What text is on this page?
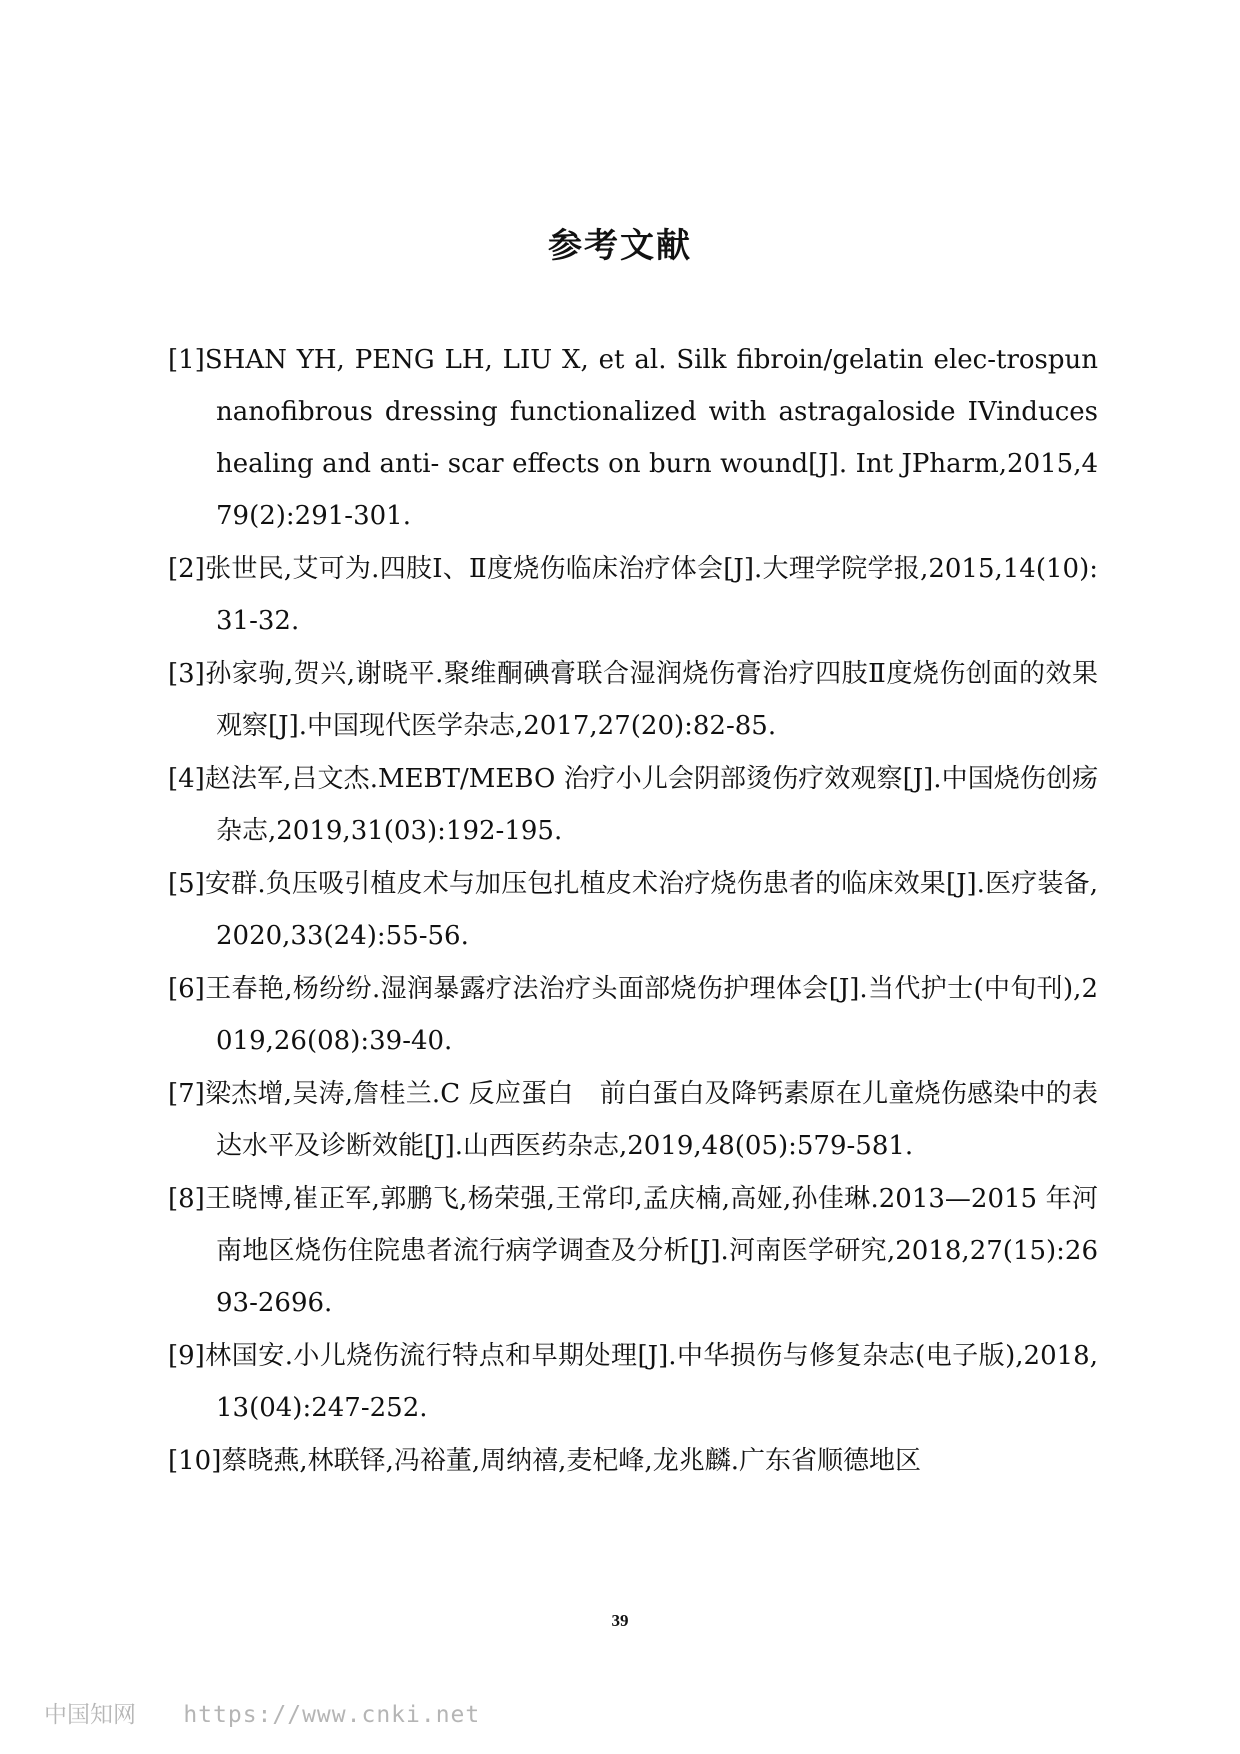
参考文献
[1]SHAN YH, PENG LH, LIU X, et al. Silk fibroin/gelatin elec-trospun nanofibrous dressing functionalized with astragaloside IVinduces healing and anti- scar effects on burn wound[J]. Int JPharm,2015,479(2):291-301.
[2]张世民,艾可为.四肢Ⅰ、Ⅱ度烧伤临床治疗体会[J].大理学院学报,2015,14(10):31-32.
[3]孙家驹,贺兴,谢晓平.聚维酮碘膏联合湿润烧伤膏治疗四肢Ⅱ度烧伤创面的效果观察[J].中国现代医学杂志,2017,27(20):82-85.
[4]赵法军,吕文杰.MEBT/MEBO 治疗小儿会阴部烫伤疗效观察[J].中国烧伤创疡杂志,2019,31(03):192-195.
[5]安群.负压吸引植皮术与加压包扎植皮术治疗烧伤患者的临床效果[J].医疗装备,2020,33(24):55-56.
[6]王春艳,杨纷纷.湿润暴露疗法治疗头面部烧伤护理体会[J].当代护士(中旬刊),2019,26(08):39-40.
[7]梁杰增,吴涛,詹桂兰.C 反应蛋白　前白蛋白及降钙素原在儿童烧伤感染中的表达水平及诊断效能[J].山西医药杂志,2019,48(05):579-581.
[8]王晓博,崔正军,郭鹏飞,杨荣强,王常印,孟庆楠,高娅,孙佳琳.2013—2015 年河南地区烧伤住院患者流行病学调查及分析[J].河南医学研究,2018,27(15):2693-2696.
[9]林国安.小儿烧伤流行特点和早期处理[J].中华损伤与修复杂志(电子版),2018,13(04):247-252.
[10]蔡晓燕,林联铎,冯裕董,周纳禧,麦杞峰,龙兆麟.广东省顺德地区
39
中国知网 https://www.cnki.net
